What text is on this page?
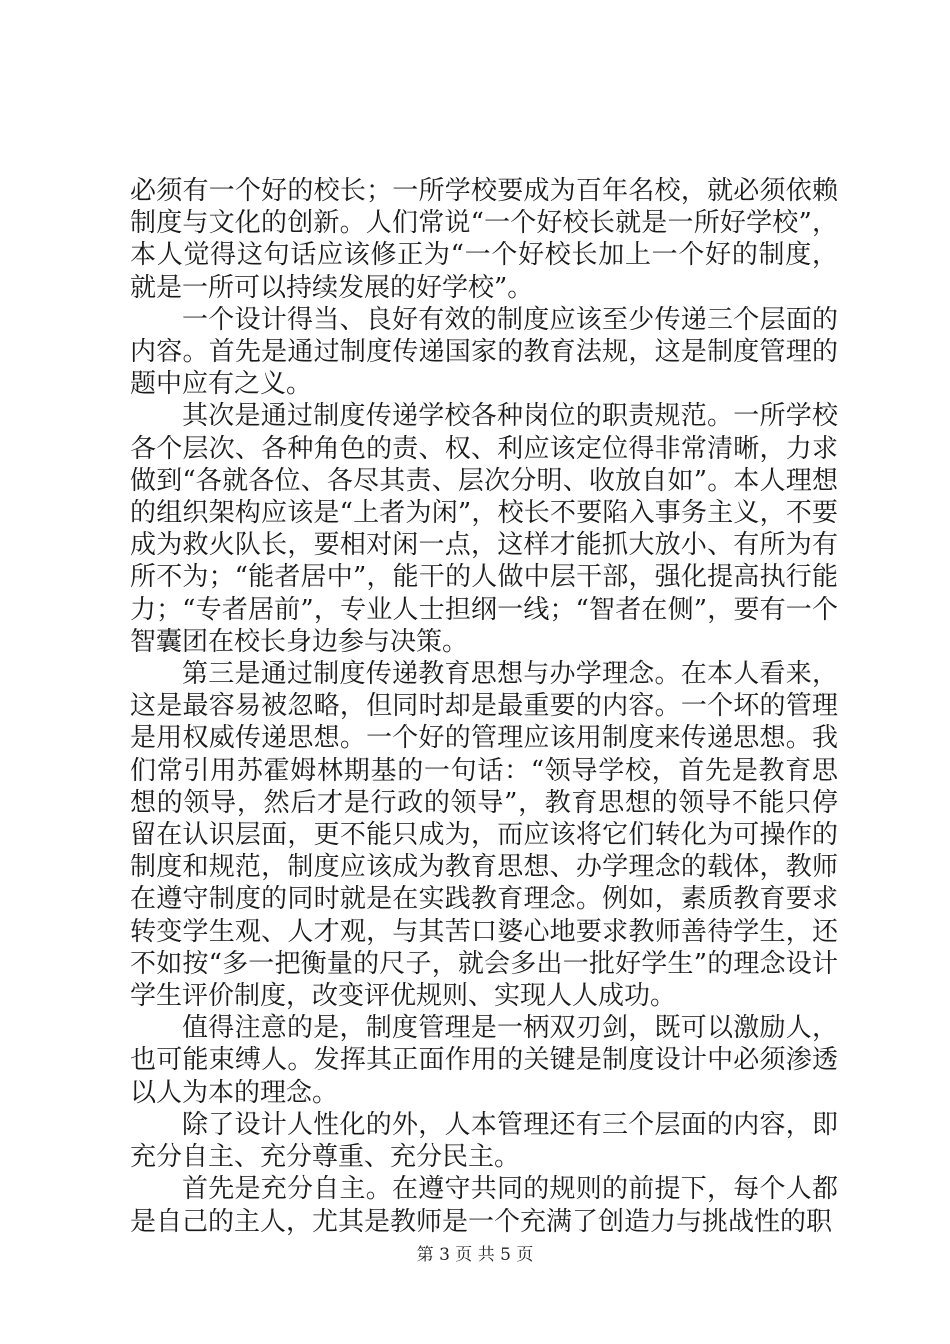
必须有一个好的校长；一所学校要成为百年名校，就必须依赖制度与文化的创新。人们常说“一个好校长就是一所好学校”，本人觉得这句话应该修正为“一个好校长加上一个好的制度，就是一所可以持续发展的好学校”。

一个设计得当、良好有效的制度应该至少传递三个层面的内容。首先是通过制度传递国家的教育法规，这是制度管理的题中应有之义。

其次是通过制度传递学校各种岗位的职责规范。一所学校各个层次、各种角色的责、权、利应该定位得非常清晰，力求做到“各就各位、各尽其责、层次分明、收放自如”。本人理想的组织架构应该是“上者为闲”，校长不要陷入事务主义，不要成为救火队长，要相对闲一点，这样才能抓大放小、有所为有所不为；“能者居中”，能干的人做中层干部，强化提高执行能力；“专者居前”，专业人士担纲一线；“智者在侧”，要有一个智囊团在校长身边参与决策。

第三是通过制度传递教育思想与办学理念。在本人看来，这是最容易被忽略，但同时却是最重要的内容。一个坏的管理是用权威传递思想。一个好的管理应该用制度来传递思想。我们常引用苏霍姆林期基的一句话：“领导学校，首先是教育思想的领导，然后才是行政的领导”，教育思想的领导不能只停留在认识层面，更不能只成为，而应该将它们转化为可操作的制度和规范，制度应该成为教育思想、办学理念的载体，教师在遵守制度的同时就是在实践教育理念。例如，素质教育要求转变学生观、人才观，与其苦口婆心地要求教师善待学生，还不如按“多一把衡量的尺子，就会多出一批好学生”的理念设计学生评价制度，改变评优规则、实现人人成功。

值得注意的是，制度管理是一柄双刃剑，既可以激励人，也可能束缚人。发挥其正面作用的关键是制度设计中必须渗透以人为本的理念。

除了设计人性化的外，人本管理还有三个层面的内容，即充分自主、充分尊重、充分民主。

首先是充分自主。在遵守共同的规则的前提下，每个人都是自己的主人，尤其是教师是一个充满了创造力与挑战性的职

第 3 页 共 5 页
